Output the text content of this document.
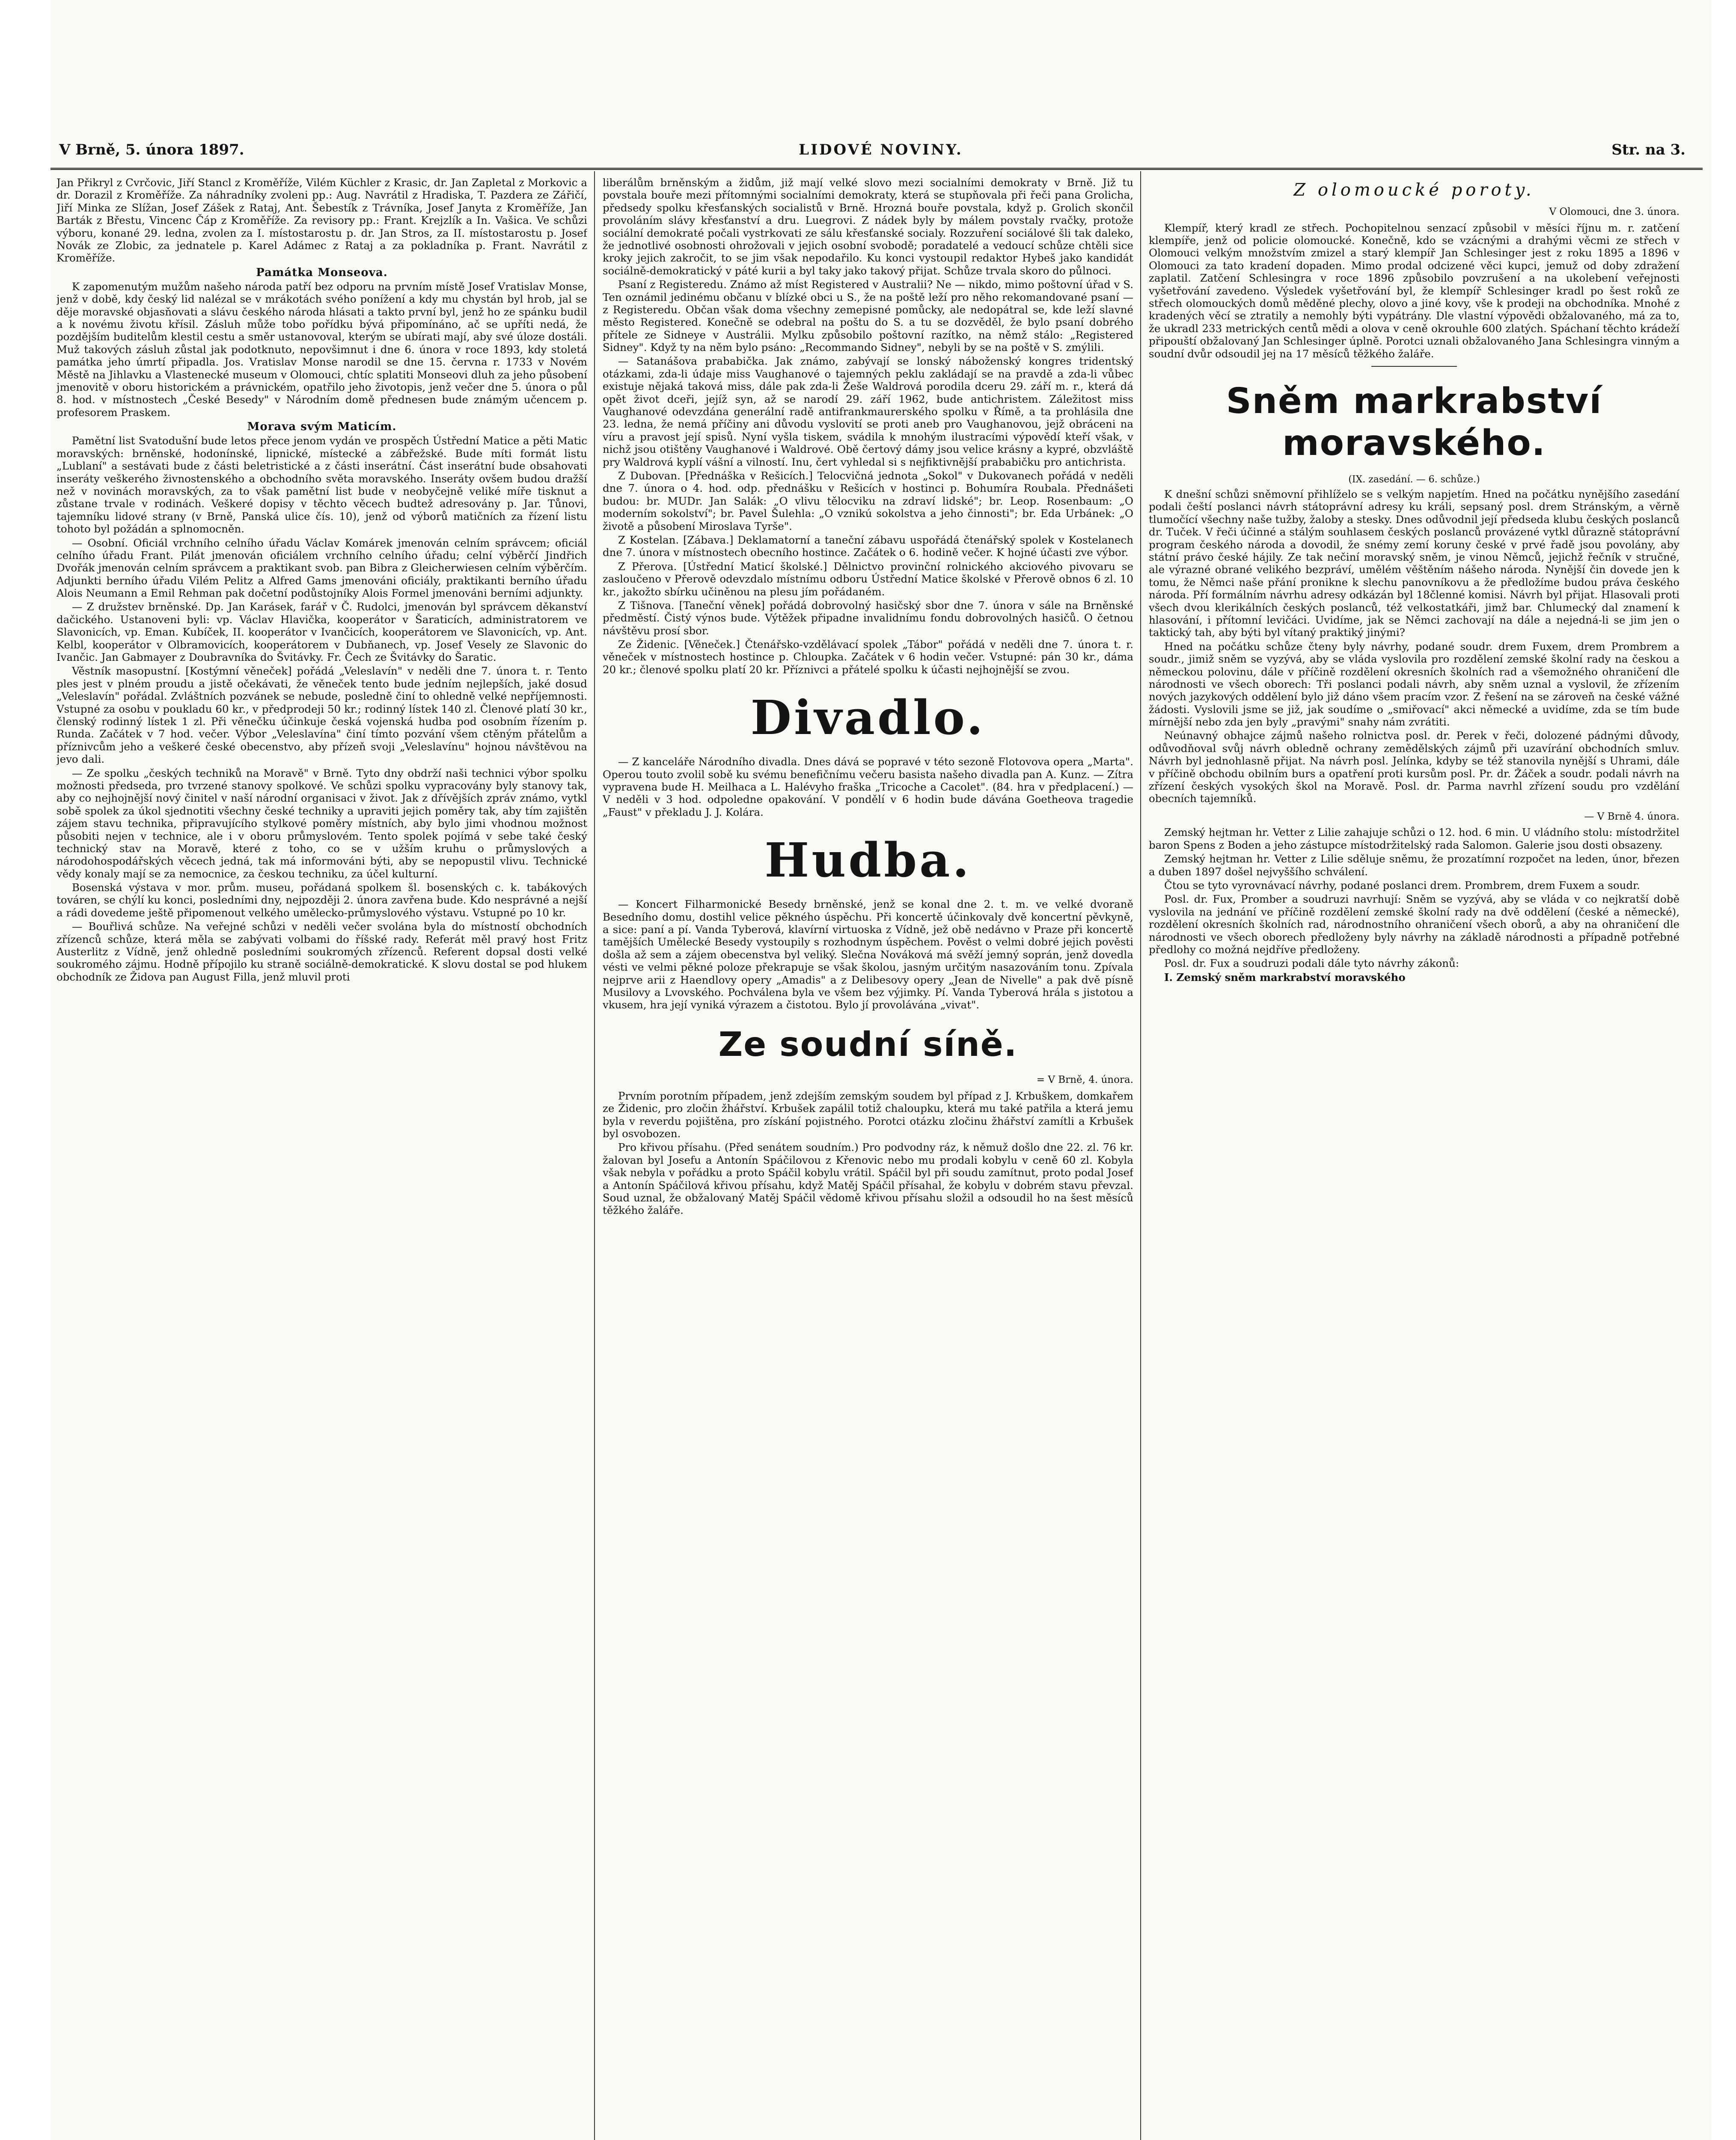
V Brně, 5. února 1897.	LIDOVÉ NOVINY.	Str. na 3.

Jan Přikryl z Cvrčovic, Jiří Stancl z Kroměříže, Vilém Küchler z Krasic, dr. Jan Zapletal z Morkovic a dr. Dorazil z Kroměříže. Za náhradníky zvoleni pp.: Aug. Navrátil z Hradiska, T. Pazdera ze Zářičí, Jiří Minka ze Slížan, Josef Zášek z Rataj, Ant. Šebestík z Trávníka, Josef Janyta z Kroměříže, Jan Barták z Břestu, Vincenc Čáp z Kroměříže. Za revisory pp.: Frant. Krejzlík a In. Vašica. Ve schůzi výboru, konané 29. ledna, zvolen za I. místostarostu p. dr. Jan Stros, za II. místostarostu p. Josef Novák ze Zlobic, za jednatele p. Karel Adámec z Rataj a za pokladníka p. Frant. Navrátil z Kroměříže.

Památka Monseova.

K zapomenutým mužům našeho národa patří bez odporu na prvním místě Josef Vratislav Monse, jenž v době, kdy český lid nalézal se v mrákotách svého ponížení a kdy mu chystán byl hrob, jal se děje moravské objasňovati a slávu českého národa hlásati a takto první byl, jenž ho ze spánku budil a k novému životu křísil. Zásluh může tobo pořídku bývá připomínáno, ač se upříti nedá, že pozdějším buditelům klestil cestu a směr ustanovoval, kterým se ubírati mají, aby své úloze dostáli. Muž takových zásluh zůstal jak podotknuto, nepovšimnut i dne 6. února v roce 1893, kdy stoletá památka jeho úmrtí připadla. Jos. Vratislav Monse narodil se dne 15. června r. 1733 v Novém Městě na Jihlavku a Vlastenecké museum v Olomouci, chtíc splatiti Monseovi dluh za jeho působení jmenovitě v oboru historickém a právnickém, opatřilo jeho životopis, jenž večer dne 5. února o půl 8. hod. v místnostech „České Besedy" v Národním domě přednesen bude známým učencem p. profesorem Praskem.

Morava svým Maticím.

Pamětní list Svatodušní bude letos přece jenom vydán ve prospěch Ústřední Matice a pěti Matic moravských: brněnské, hodonínské, lipnické, místecké a zábřežské. Bude míti formát listu „Lublaní" a sestávati bude z části beletristické a z části inserátní. Část inserátní bude obsahovati inseráty veškerého živnostenského a obchodního světa moravského. Inseráty ovšem budou dražší než v novinách moravských, za to však pamětní list bude v neobyčejně veliké míře tisknut a zůstane trvale v rodinách. Veškeré dopisy v těchto věcech budtež adresovány p. Jar. Tůnovi, tajemníku lidové strany (v Brně, Panská ulice čís. 10), jenž od výborů matičních za řízení listu tohoto byl požádán a splnomocněn.

— Osobní. Oficiál vrchního celního úřadu Václav Komárek jmenován celním správcem; oficiál celního úřadu Frant. Pilát jmenován oficiálem vrchního celního úřadu; celní výběrčí Jindřich Dvořák jmenován celním správcem a praktikant svob. pan Bibra z Gleicherwiesen celním výběrčím. Adjunkti berního úřadu Vilém Pelitz a Alfred Gams jmenováni oficiály, praktikanti berního úřadu Alois Neumann a Emil Rehman pak dočetní podůstojníky Alois Formel jmenováni berními adjunkty.

— Z družstev brněnské. Dp. Jan Karásek, farář v Č. Rudolci, jmenován byl správcem děkanství dačického. Ustanoveni byli: vp. Václav Hlavička, kooperátor v Šaraticích, administratorem ve Slavonicích, vp. Eman. Kubíček, II. kooperátor v Ivančicích, kooperátorem ve Slavonicích, vp. Ant. Kelbl, kooperátor v Olbramovicích, kooperátorem v Dubňanech, vp. Josef Vesely ze Slavonic do Ivančic. Jan Gabmayer z Doubravníka do Švitávky. Fr. Čech ze Švitávky do Šaratic.

Věstník masopustní. [Kostýmní věneček] pořádá „Veleslavín" v neděli dne 7. února t. r. Tento ples jest v plném proudu a jistě očekávati, že věneček tento bude jedním nejlepších, jaké dosud „Veleslavín" pořádal. Zvláštních pozvánek se nebude, posledně činí to ohledně velké nepříjemnosti. Vstupné za osobu v poukladu 60 kr., v předprodeji 50 kr.; rodinný lístek 140 zl. Členové platí 30 kr., členský rodinný lístek 1 zl. Při věnečku účinkuje česká vojenská hudba pod osobním řízením p. Runda. Začátek v 7 hod. večer. Výbor „Veleslavína" činí tímto pozvání všem ctěným přátelům a příznivcům jeho a veškeré české obecenstvo, aby přízeň svoji „Veleslavínu" hojnou návštěvou na jevo dali.

— Ze spolku „českých techniků na Moravě" v Brně. Tyto dny obdrží naši technici výbor spolku možnosti předseda, pro tvrzené stanovy spolkové. Ve schůzi spolku vypracovány byly stanovy tak, aby co nejhojnější nový činitel v naší národní organisaci v život. Jak z dřívějších zpráv známo, vytkl sobě spolek za úkol sjednotiti všechny české techniky a upraviti jejich poměry tak, aby tím zajištěn zájem stavu technika, připravujícího stylkové poměry místních, aby bylo jimi vhodnou možnost působiti nejen v technice, ale i v oboru průmyslovém. Tento spolek pojímá v sebe také český technický stav na Moravě, které z toho, co se v užším kruhu o průmyslových a národohospodářských věcech jedná, tak má informováni býti, aby se nepopustil vlivu. Technické vědy konaly mají se za nemocnice, za českou techniku, za účel kulturní.

Bosenská výstava v mor. prům. museu, pořádaná spolkem šl. bosenských c. k. tabákových továren, se chýlí ku konci, posledními dny, nejpozději 2. února zavřena bude. Kdo nesprávné a nejší a rádi dovedeme ještě připomenout velkého umělecko-průmyslového výstavu. Vstupné po 10 kr.

— Bouřlivá schůze. Na veřejné schůzi v neděli večer svolána byla do místností obchodních zřízenců schůze, která měla se zabývati volbami do říšské rady. Referát měl pravý host Fritz Austerlitz z Vídně, jenž ohledně posledními soukromých zřízenců. Referent dopsal dosti velké soukromého zájmu. Hodně přípojilo ku straně sociálně-demokratické. K slovu dostal se pod hlukem obchodník ze Židova pan August Filla, jenž mluvil proti

liberálům brněnským a židům, již mají velké slovo mezi socialními demokraty v Brně. Již tu povstala bouře mezi přítomnými socialními demokraty, která se stupňovala při řeči pana Grolicha, předsedy spolku křesťanských socialistů v Brně. Hrozná bouře povstala, když p. Grolich skončil provoláním slávy křesťanství a dru. Luegrovi. Z nádek byly by málem povstaly rvačky, protože sociální demokraté počali vystrkovati ze sálu křesťanské socialy. Rozzuření sociálové šli tak daleko, že jednotlivé osobnosti ohrožovali v jejich osobní svobodě; poradatelé a vedoucí schůze chtěli sice kroky jejich zakročit, to se jim však nepodařilo. Ku konci vystoupil redaktor Hybeš jako kandidát sociálně-demokratický v páté kurii a byl taky jako takový přijat. Schůze trvala skoro do půlnoci.

Psaní z Registeredu. Známo až míst Registered v Australii? Ne — nikdo, mimo poštovní úřad v S. Ten oznámil jedinému občanu v blízké obci u S., že na poště leží pro něho rekomandované psaní — z Registeredu. Občan však doma všechny zemepisné pomůcky, ale nedopátral se, kde leží slavné město Registered. Konečně se odebral na poštu do S. a tu se dozvěděl, že bylo psaní dobrého přítele ze Sidneye v Austrálii. Mylku způsobilo poštovní razítko, na němž stálo: „Registered Sidney". Když ty na něm bylo psáno: „Recommando Sidney", nebyli by se na poště v S. zmýlili.

— Satanášova prababička. Jak známo, zabývají se lonský náboženský kongres tridentský otázkami, zda-li údaje miss Vaughanové o tajemných peklu zakládají se na pravdě a zda-li vůbec existuje nějaká taková miss, dále pak zda-li Žeše Waldrová porodila dceru 29. září m. r., která dá opět život dceři, jejíž syn, až se narodí 29. září 1962, bude antichristem. Záležitost miss Vaughanové odevzdána generální radě antifrankmaurerského spolku v Římě, a ta prohlásila dne 23. ledna, že nemá příčiny ani důvodu vyslovití se proti aneb pro Vaughanovou, jejž obráceni na víru a pravost její spisů. Nyní vyšla tiskem, svádila k mnohým ilustracími výpovědí kteří však, v nichž jsou otištěny Vaughanové i Waldrové. Obě čertový dámy jsou velice krásny a kypré, obzvláště pry Waldrová kyplí vášní a vilností. Inu, čert vyhledal si s nejfiktivnější prababičku pro antichrista.

Z Dubovan. [Přednáška v Rešicích.] Telocvičná jednota „Sokol" v Dukovanech pořádá v neděli dne 7. února o 4. hod. odp. přednášku v Rešicích v hostinci p. Bohumíra Roubala. Přednášeti budou: br. MUDr. Jan Salák: „O vlivu tělocviku na zdraví lidské"; br. Leop. Rosenbaum: „O moderním sokolství"; br. Pavel Šulehla: „O vznikú sokolstva a jeho činnosti"; br. Eda Urbánek: „O životě a působení Miroslava Tyrše".

Z Kostelan. [Zábava.] Deklamatorní a taneční zábavu uspořádá čtenářský spolek v Kostelanech dne 7. února v místnostech obecního hostince. Začátek o 6. hodině večer. K hojné účasti zve výbor.

Z Přerova. [Ústřední Maticí školské.] Dělnictvo provinční rolnického akciového pivovaru se zasloučeno v Přerově odevzdalo místnímu odboru Ústřední Matice školské v Přerově obnos 6 zl. 10 kr., jakožto sbírku učiněnou na plesu jím pořádaném.

Z Tišnova. [Taneční věnek] pořádá dobrovolný hasičský sbor dne 7. února v sále na Brněnské předměstí. Čistý výnos bude. Výtěžek připadne invalidnímu fondu dobrovolných hasičů. O četnou návštěvu prosí sbor.

Ze Židenic. [Věneček.] Čtenářsko-vzdělávací spolek „Tábor" pořádá v neděli dne 7. února t. r. věneček v místnostech hostince p. Chloupka. Začátek v 6 hodin večer. Vstupné: pán 30 kr., dáma 20 kr.; členové spolku platí 20 kr. Příznivci a přátelé spolku k účasti nejhojnější se zvou.

Divadlo.

— Z kanceláře Národního divadla. Dnes dává se popravé v této sezoně Flotovova opera „Marta". Operou touto zvolil sobě ku svému benefičnímu večeru basista našeho divadla pan A. Kunz. — Zítra vypravena bude H. Meilhaca a L. Halévyho fraška „Tricoche a Cacolet". (84. hra v předplacení.) — V neděli v 3 hod. odpoledne opakování. V pondělí v 6 hodin bude dávána Goetheova tragedie „Faust" v překladu J. J. Kolára.

Hudba.

— Koncert Filharmonické Besedy brněnské, jenž se konal dne 2. t. m. ve velké dvoraně Besedního domu, dostihl velice pěkného úspěchu. Při koncertě účinkovaly dvě koncertní pěvkyně, a sice: paní a pí. Vanda Tyberová, klavírní virtuoska z Vídně, jež obě nedávno v Praze při koncertě tamějších Umělecké Besedy vystoupily s rozhodnym úspěchem. Pověst o velmi dobré jejich pověsti došla až sem a zájem obecenstva byl veliký. Slečna Nováková má svěží jemný soprán, jenž dovedla vésti ve velmi pěkné poloze překrapuje se však školou, jasným určitým nasazováním tonu. Zpívala nejprve arii z Haendlovy opery „Amadis" a z Delibesovy opery „Jean de Nivelle" a pak dvě písně Musilovy a Lvovského. Pochválena byla ve všem bez výjimky. Pí. Vanda Tyberová hrála s jistotou a vkusem, hra její vyniká výrazem a čistotou. Bylo jí provolávána „vivat".

Ze soudní síně.
= V Brně, 4. února.

Prvním porotním případem, jenž zdejším zemským soudem byl případ z J. Krbuškem, domkařem ze Židenic, pro zločin žhářství. Krbušek zapálil totiž chaloupku, která mu také patřila a která jemu byla v reverdu pojištěna, pro získání pojistného. Porotci otázku zločinu žhářství zamítli a Krbušek byl osvobozen.

Pro křivou přísahu. (Před senátem soudním.) Pro podvodny ráz, k němuž došlo dne 22. zl. 76 kr. žalovan byl Josefu a Antonín Spáčilovou z Křenovic nebo mu prodali kobylu v ceně 60 zl. Kobyla však nebyla v pořádku a proto Spáčil kobylu vrátil. Spáčil byl při soudu zamítnut, proto podal Josef a Antonín Spáčilová křivou přísahu, když Matěj Spáčil přísahal, že kobylu v dobrém stavu převzal. Soud uznal, že obžalovaný Matěj Spáčil vědomě křivou přísahu složil a odsoudil ho na šest měsíců těžkého žaláře.

Z olomoucké poroty.
V Olomouci, dne 3. února.

Klempíř, který kradl ze střech. Pochopitelnou senzací způsobil v měsíci říjnu m. r. zatčení klempíře, jenž od policie olomoucké. Konečně, kdo se vzácnými a drahými věcmi ze střech v Olomouci velkým množstvím zmizel a starý klempíř Jan Schlesinger jest z roku 1895 a 1896 v Olomouci za tato kradení dopaden. Mimo prodal odcizené věci kupci, jemuž od doby zdražení zaplatil. Zatčení Schlesingra v roce 1896 způsobilo povzrušení a na ukolebení veřejnosti vyšetřování zavedeno. Výsledek vyšetřování byl, že klempíř Schlesinger kradl po šest roků ze střech olomouckých domů měděné plechy, olovo a jiné kovy, vše k prodeji na obchodníka. Mnohé z kradených věcí se ztratily a nemohly býti vypátrány. Dle vlastní výpovědi obžalovaného, má za to, že ukradl 233 metrických centů mědi a olova v ceně okrouhle 600 zlatých. Spáchaní těchto krádeží připouští obžalovaný Jan Schlesinger úplně. Porotci uznali obžalovaného Jana Schlesingra vinným a soudní dvůr odsoudil jej na 17 měsíců těžkého žaláře.

Sněm markrabství moravského.
(IX. zasedání. — 6. schůze.)

K dnešní schůzi sněmovní přihlíželo se s velkým napjetím. Hned na počátku nynějšího zasedání podali čeští poslanci návrh státoprávní adresy ku králi, sepsaný posl. drem Stránským, a věrně tlumočící všechny naše tužby, žaloby a stesky. Dnes odůvodnil její předseda klubu českých poslanců dr. Tuček. V řeči účinné a stálým souhlasem českých poslanců provázené vytkl důrazně státoprávní program českého národa a dovodil, že snémy zemí koruny české v prvé řadě jsou povolány, aby státní právo české hájily. Ze tak nečiní moravský sněm, je vinou Němců, jejichž řečník v stručné, ale výrazné obrané velikého bezpráví, umělém věštěním nášeho národa. Nynější čin dovede jen k tomu, že Němci naše přání pronikne k slechu panovníkovu a že předložíme budou práva českého národa. Pří formálním návrhu adresy odkázán byl 18členné komisi. Návrh byl přijat. Hlasovali proti všech dvou klerikálních českých poslanců, též velkostatkáři, jimž bar. Chlumecký dal znamení k hlasování, i přítomní levičáci. Uvidíme, jak se Němci zachovají na dále a nejedná-li se jim jen o taktický tah, aby býti byl vítaný praktiký jinými?

Hned na počátku schůze čteny byly návrhy, podané soudr. drem Fuxem, drem Prombrem a soudr., jimiž sněm se vyzývá, aby se vláda vyslovila pro rozdělení zemské školní rady na českou a německou polovinu, dále v příčině rozdělení okresních školních rad a všemožného ohraničení dle národnosti ve všech oborech: Tři poslanci podali návrh, aby sněm uznal a vyslovil, že zřízením nových jazykových oddělení bylo již dáno všem pracím vzor. Z řešení na se zároveň na české vážné žádosti. Vyslovili jsme se již, jak soudíme o „smiřovací" akci německé a uvidíme, zda se tím bude mírnější nebo zda jen byly „pravými" snahy nám zvrátiti.

Neúnavný obhajce zájmů našeho rolnictva posl. dr. Perek v řeči, dolozené pádnými důvody, odůvodňoval svůj návrh obledně ochrany zemědělských zájmů při uzavírání obchodních smluv. Návrh byl jednohlasně přijat. Na návrh posl. Jelínka, kdyby se též stanovila nynější s Uhrami, dále v příčině obchodu obilním burs a opatření proti kursům posl. Pr. dr. Žáček a soudr. podali návrh na zřízení českých vysokých škol na Moravě. Posl. dr. Parma navrhl zřízení soudu pro vzdělání obecních tajemníků.

— V Brně 4. února.

Zemský hejtman hr. Vetter z Lilie zahajuje schůzi o 12. hod. 6 min. U vládního stolu: místodržitel baron Spens z Boden a jeho zástupce místodržitelský rada Salomon. Galerie jsou dosti obsazeny.

Zemský hejtman hr. Vetter z Lilie sděluje sněmu, že prozatímní rozpočet na leden, únor, březen a duben 1897 došel nejvyššího schválení.

Čtou se tyto vyrovnávací návrhy, podané poslanci drem. Prombrem, drem Fuxem a soudr.

Posl. dr. Fux, Promber a soudruzi navrhují: Sněm se vyzývá, aby se vláda v co nejkratší době vyslovila na jednání ve příčině rozdělení zemské školní rady na dvě oddělení (české a německé), rozdělení okresních školních rad, národnostního ohraničení všech oborů, a aby na ohraničení dle národnosti ve všech oborech předloženy byly návrhy na základě národnosti a případně potřebné předlohy co možná nejdříve předloženy.

Posl. dr. Fux a soudruzi podali dále tyto návrhy zákonů:

I. Zemský sněm markrabství moravského
